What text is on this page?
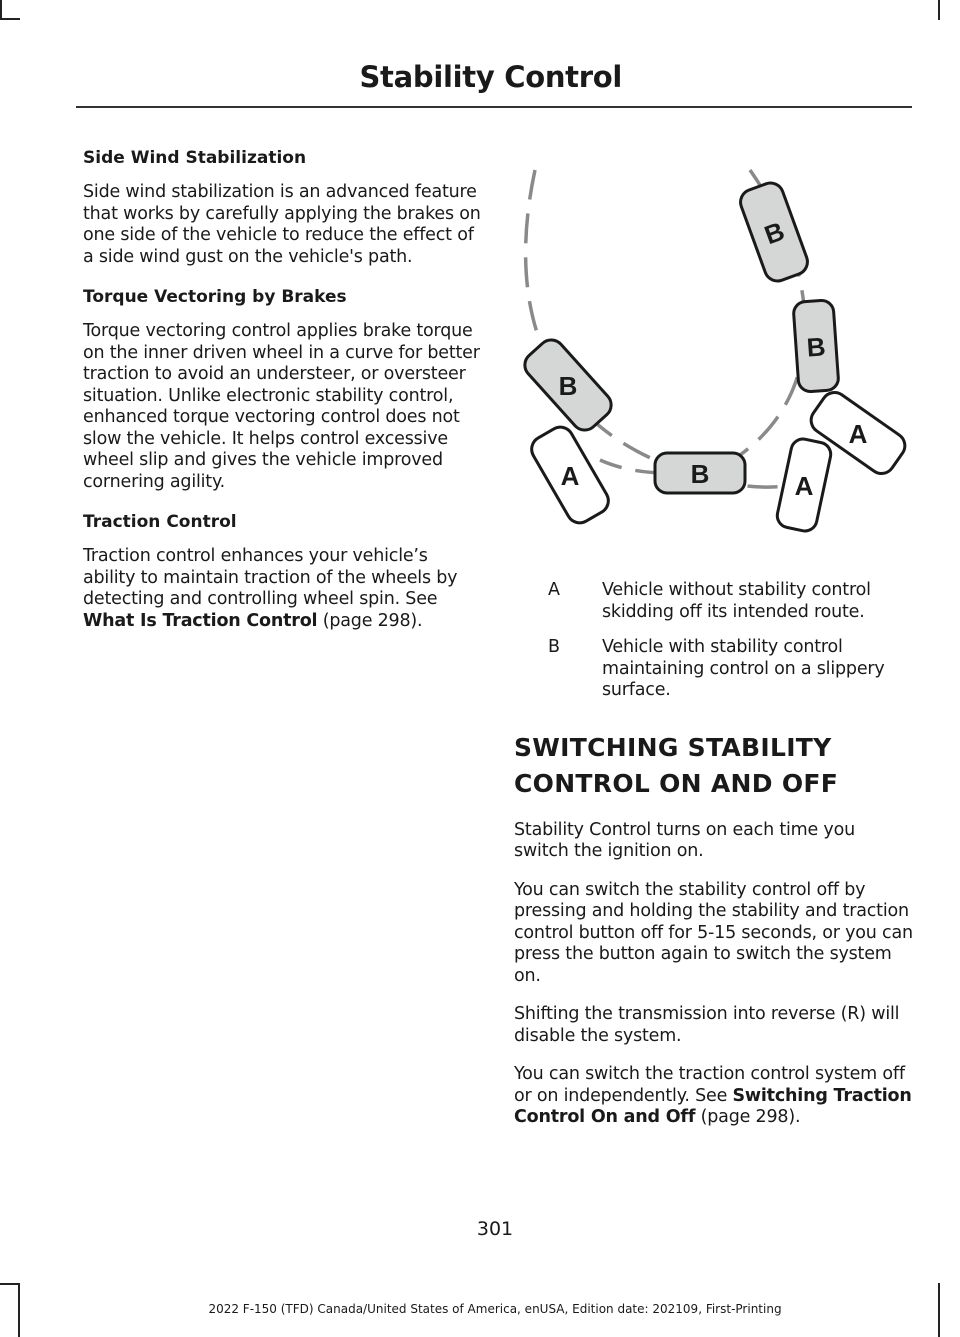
Stability Control
Side Wind Stabilization

Side wind stabilization is an advanced feature that works by carefully applying the brakes on one side of the vehicle to reduce the effect of a side wind gust on the vehicle's path.

Torque Vectoring by Brakes

Torque vectoring control applies brake torque on the inner driven wheel in a curve for better traction to avoid an understeer, or oversteer situation. Unlike electronic stability control, enhanced torque vectoring control does not slow the vehicle. It helps control excessive wheel slip and gives the vehicle improved cornering agility.

Traction Control

Traction control enhances your vehicle’s ability to maintain traction of the wheels by detecting and controlling wheel spin. See What Is Traction Control (page 298).

B
B
A
A
B
B
A
A	Vehicle without stability control skidding off its intended route.
B	Vehicle with stability control maintaining control on a slippery surface.
SWITCHING STABILITY CONTROL ON AND OFF

Stability Control turns on each time you switch the ignition on.

You can switch the stability control off by pressing and holding the stability and traction control button off for 5-15 seconds, or you can press the button again to switch the system on.

Shifting the transmission into reverse (R) will disable the system.

You can switch the traction control system off or on independently. See Switching Traction Control On and Off (page 298).

301
2022 F-150 (TFD) Canada/United States of America, enUSA, Edition date: 202109, First-Printing
